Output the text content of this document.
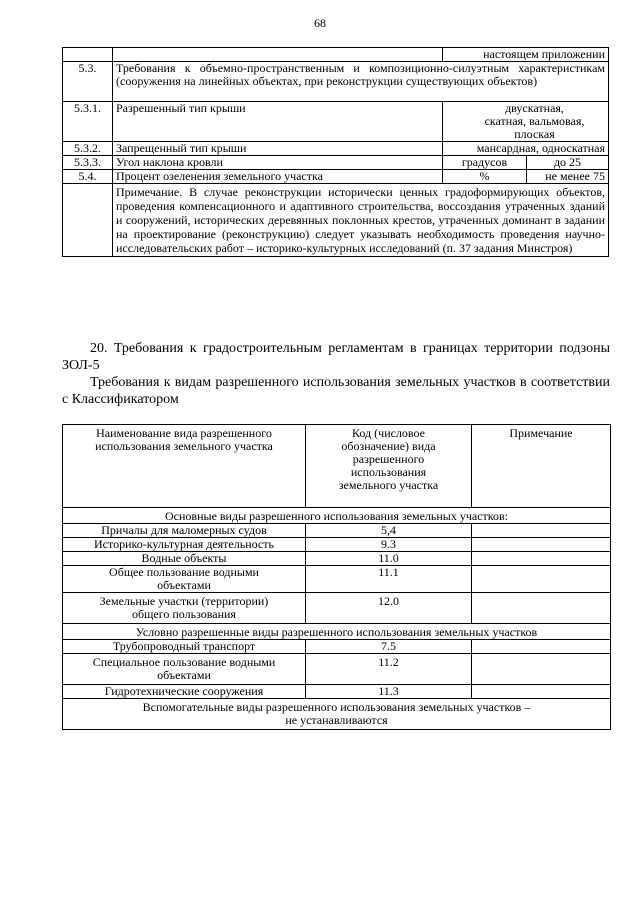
68
		настоящем приложении	
5.3.	Требования к объемно-пространственным и композиционно-силуэтным характеристикам (сооружения на линейных объектах, при реконструкции существующих объектов)		
5.3.1.	Разрешенный тип крыши	двускатная,
скатная, вальмовая,
плоская	

5.3.2.	Запрещенный тип крыши	мансардная, односкатная	
5.3.3.	Угол наклона кровли	градусов	до 25
5.4.	Процент озеленения земельного участка	%	не менее 75
	Примечание. В случае реконструкции исторически ценных градоформирующих объектов, проведения компенсационного и адаптивного строительства, воссоздания утраченных зданий и сооружений, исторических деревянных поклонных крестов, утраченных доминант в задании на проектирование (реконструкцию) следует указывать необходимость проведения научно-исследовательских работ – историко-культурных исследований (п. 37 задания Минстроя)		
20. Требования к градостроительным регламентам в границах территории подзоны ЗОЛ-5
Требования к видам разрешенного использования земельных участков в соответствии с Классификатором
Наименование вида разрешенного использования земельного участка	Код (числовое
обозначение) вида
разрешенного
использования
земельного участка	Примечание
Основные виды разрешенного использования земельных участков:		
Причалы для маломерных судов	5,4	
Историко-культурная деятельность	9.3	
Водные объекты	11.0	

Общее пользование водными
объектами	11.1	

Земельные участки (территории)
общего пользования	12.0	
Условно разрешенные виды разрешенного использования земельных участков		
Трубопроводный транспорт	7.5	

Специальное пользование водными
объектами	11.2	
Гидротехнические сооружения	11.3	

Вспомогательные виды разрешенного использования земельных участков –
не устанавливаются		
